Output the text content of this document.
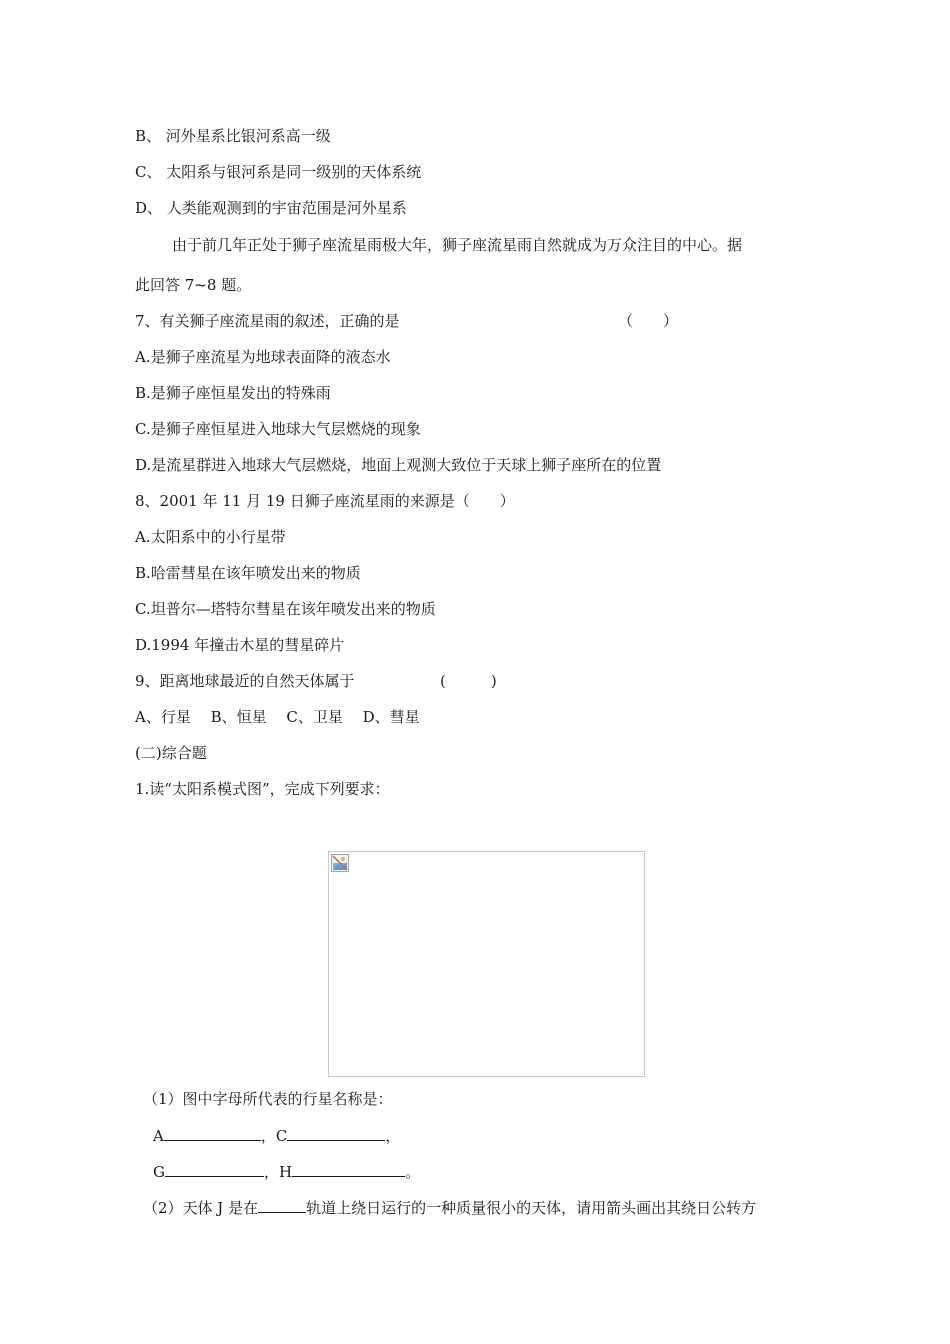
B、 河外星系比银河系高一级
C、 太阳系与银河系是同一级别的天体系统
D、 人类能观测到的宇宙范围是河外星系
由于前几年正处于狮子座流星雨极大年，狮子座流星雨自然就成为万众注目的中心。据
此回答 7~8 题。
7、有关狮子座流星雨的叙述，正确的是	（　　）
A.是狮子座流星为地球表面降的液态水
B.是狮子座恒星发出的特殊雨
C.是狮子座恒星进入地球大气层燃烧的现象
D.是流星群进入地球大气层燃烧，地面上观测大致位于天球上狮子座所在的位置
8、2001 年 11 月 19 日狮子座流星雨的来源是（　　）
A.太阳系中的小行星带
B.哈雷彗星在该年喷发出来的物质
C.坦普尔—塔特尔彗星在该年喷发出来的物质
D.1994 年撞击木星的彗星碎片
9、距离地球最近的自然天体属于	(　　　)
A、行星　 B、恒星　 C、卫星　 D、彗星
(二)综合题
1.读“太阳系模式图”，完成下列要求：
（1）图中字母所代表的行星名称是：
A	，C	，
G	，H	。
（2）天体 J 是在	轨道上绕日运行的一种质量很小的天体，请用箭头画出其绕日公转方
